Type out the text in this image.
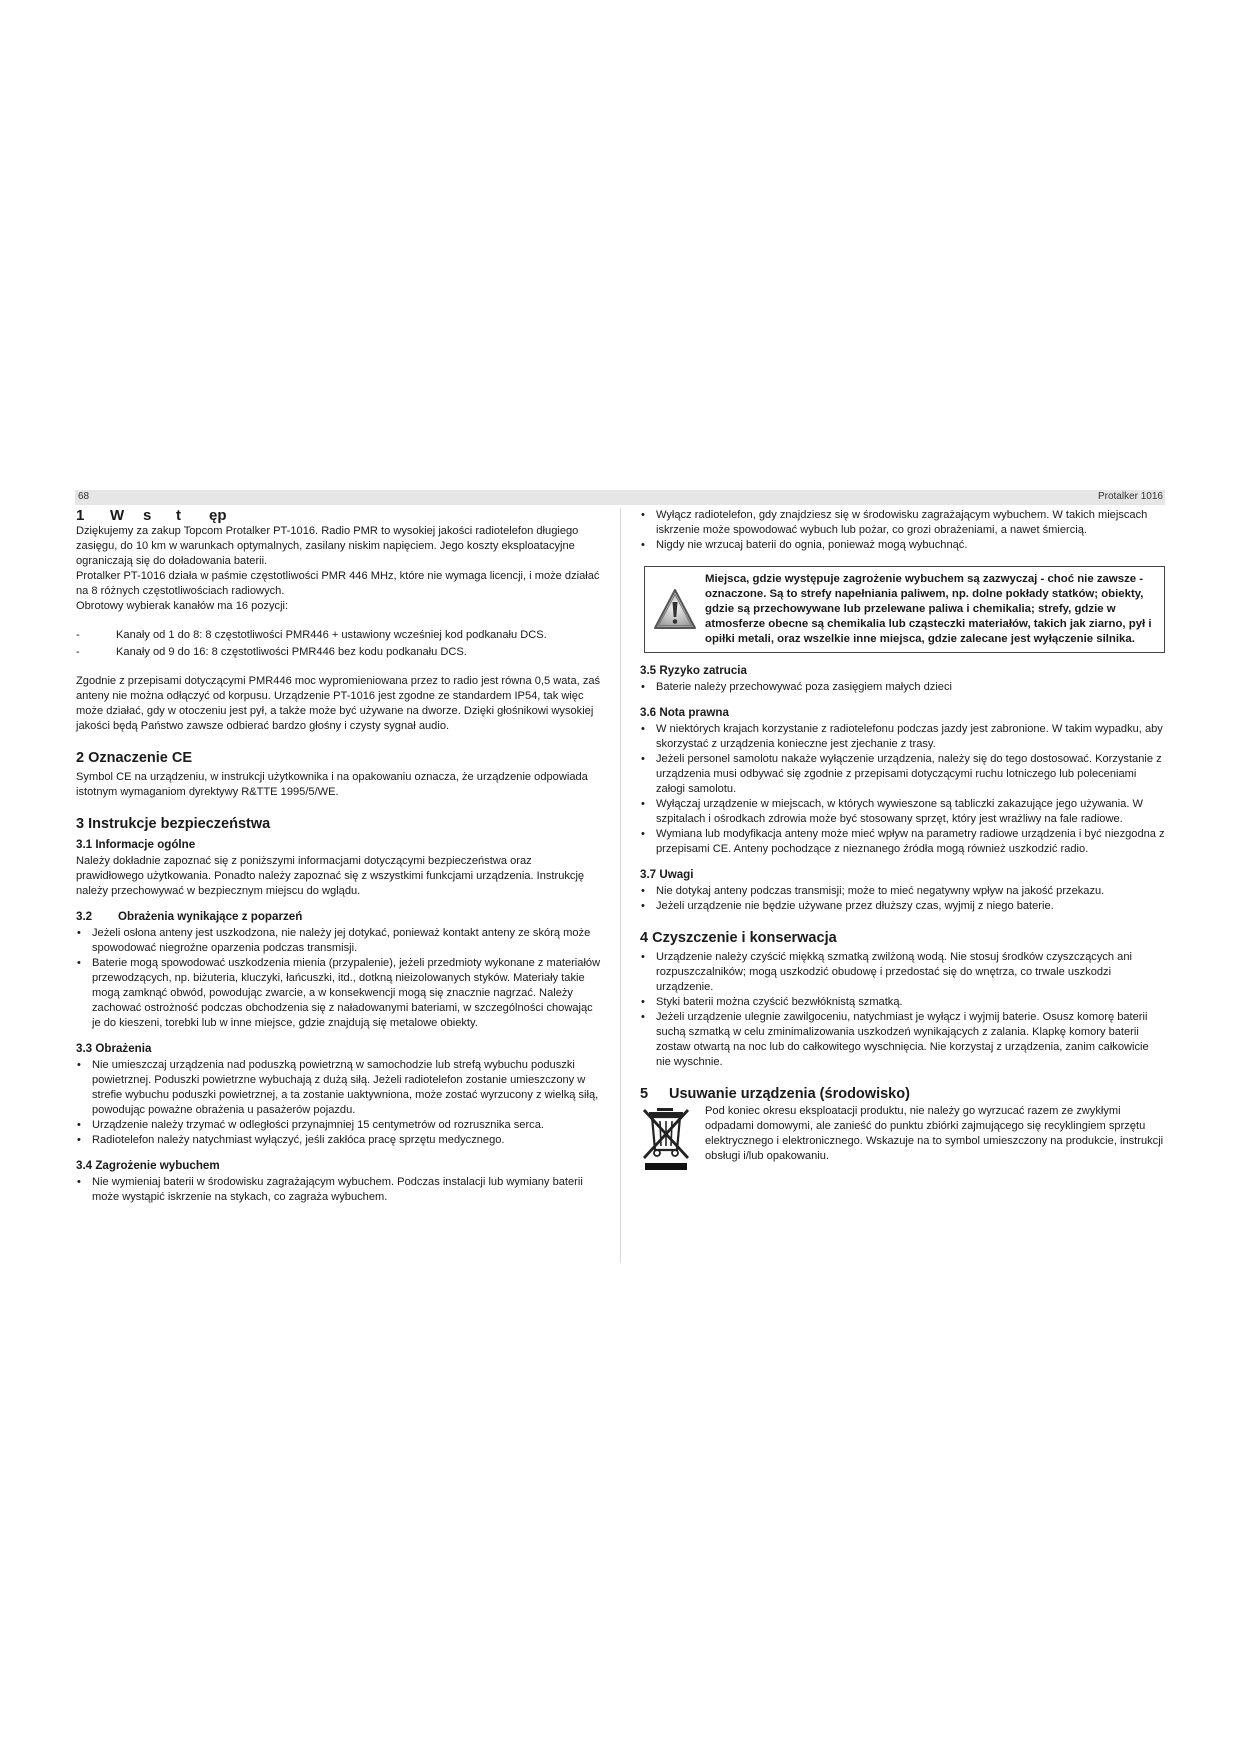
68	Protalker 1016
1	W	s	t	ęp

Dziękujemy za zakup Topcom Protalker PT-1016. Radio PMR to wysokiej jakości radiotelefon długiego zasięgu, do 10 km w warunkach optymalnych, zasilany niskim napięciem. Jego koszty eksploatacyjne ograniczają się do doładowania baterii.

Protalker PT-1016 działa w paśmie częstotliwości PMR 446 MHz, które nie wymaga licencji, i może działać na 8 różnych częstotliwościach radiowych.

Obrotowy wybierak kanałów ma 16 pozycji:

- Kanały od 1 do 8: 8 częstotliwości PMR446 + ustawiony wcześniej kod podkanału DCS.
- Kanały od 9 do 16: 8 częstotliwości PMR446 bez kodu podkanału DCS.

Zgodnie z przepisami dotyczącymi PMR446 moc wypromieniowana przez to radio jest równa 0,5 wata, zaś anteny nie można odłączyć od korpusu. Urządzenie PT-1016 jest zgodne ze standardem IP54, tak więc może działać, gdy w otoczeniu jest pył, a także może być używane na dworze. Dzięki głośnikowi wysokiej jakości będą Państwo zawsze odbierać bardzo głośny i czysty sygnał audio.

2 Oznaczenie CE

Symbol CE na urządzeniu, w instrukcji użytkownika i na opakowaniu oznacza, że urządzenie odpowiada istotnym wymaganiom dyrektywy R&TTE 1995/5/WE.

3 Instrukcje bezpieczeństwa
3.1 Informacje ogólne

Należy dokładnie zapoznać się z poniższymi informacjami dotyczącymi bezpieczeństwa oraz prawidłowego użytkowania. Ponadto należy zapoznać się z wszystkimi funkcjami urządzenia. Instrukcję należy przechowywać w bezpiecznym miejscu do wglądu.

3.2 Obrażenia wynikające z poparzeń
• Jeżeli osłona anteny jest uszkodzona, nie należy jej dotykać, ponieważ kontakt anteny ze skórą może spowodować niegroźne oparzenia podczas transmisji.
• Baterie mogą spowodować uszkodzenia mienia (przypalenie), jeżeli przedmioty wykonane z materiałów przewodzących, np. biżuteria, kluczyki, łańcuszki, itd., dotkną nieizolowanych styków. Materiały takie mogą zamknąć obwód, powodując zwarcie, a w konsekwencji mogą się znacznie nagrzać. Należy zachować ostrożność podczas obchodzenia się z naładowanymi bateriami, w szczególności chowając je do kieszeni, torebki lub w inne miejsce, gdzie znajdują się metalowe obiekty.
3.3 Obrażenia
• Nie umieszczaj urządzenia nad poduszką powietrzną w samochodzie lub strefą wybuchu poduszki powietrznej. Poduszki powietrzne wybuchają z dużą siłą. Jeżeli radiotelefon zostanie umieszczony w strefie wybuchu poduszki powietrznej, a ta zostanie uaktywniona, może zostać wyrzucony z wielką siłą, powodując poważne obrażenia u pasażerów pojazdu.
• Urządzenie należy trzymać w odległości przynajmniej 15 centymetrów od rozrusznika serca.
• Radiotelefon należy natychmiast wyłączyć, jeśli zakłóca pracę sprzętu medycznego.
3.4 Zagrożenie wybuchem
• Nie wymieniaj baterii w środowisku zagrażającym wybuchem. Podczas instalacji lub wymiany baterii może wystąpić iskrzenie na stykach, co zagraża wybuchem.
• Wyłącz radiotelefon, gdy znajdziesz się w środowisku zagrażającym wybuchem. W takich miejscach iskrzenie może spowodować wybuch lub pożar, co grozi obrażeniami, a nawet śmiercią.
• Nigdy nie wrzucaj baterii do ognia, ponieważ mogą wybuchnąć.
Miejsca, gdzie występuje zagrożenie wybuchem są zazwyczaj - choć nie zawsze - oznaczone. Są to strefy napełniania paliwem, np. dolne pokłady statków; obiekty, gdzie są przechowywane lub przelewane paliwa i chemikalia; strefy, gdzie w atmosferze obecne są chemikalia lub cząsteczki materiałów, takich jak ziarno, pył i opiłki metali, oraz wszelkie inne miejsca, gdzie zalecane jest wyłączenie silnika.
3.5 Ryzyko zatrucia
• Baterie należy przechowywać poza zasięgiem małych dzieci
3.6 Nota prawna
• W niektórych krajach korzystanie z radiotelefonu podczas jazdy jest zabronione. W takim wypadku, aby skorzystać z urządzenia konieczne jest zjechanie z trasy.
• Jeżeli personel samolotu nakaże wyłączenie urządzenia, należy się do tego dostosować. Korzystanie z urządzenia musi odbywać się zgodnie z przepisami dotyczącymi ruchu lotniczego lub poleceniami załogi samolotu.
• Wyłączaj urządzenie w miejscach, w których wywieszone są tabliczki zakazujące jego używania. W szpitalach i ośrodkach zdrowia może być stosowany sprzęt, który jest wrażliwy na fale radiowe.
• Wymiana lub modyfikacja anteny może mieć wpływ na parametry radiowe urządzenia i być niezgodna z przepisami CE. Anteny pochodzące z nieznanego źródła mogą również uszkodzić radio.
3.7 Uwagi
• Nie dotykaj anteny podczas transmisji; może to mieć negatywny wpływ na jakość przekazu.
• Jeżeli urządzenie nie będzie używane przez dłuższy czas, wyjmij z niego baterie.
4 Czyszczenie i konserwacja
• Urządzenie należy czyścić miękką szmatką zwilżoną wodą. Nie stosuj środków czyszczących ani rozpuszczalników; mogą uszkodzić obudowę i przedostać się do wnętrza, co trwale uszkodzi urządzenie.
• Styki baterii można czyścić bezwłóknistą szmatką.
• Jeżeli urządzenie ulegnie zawilgoceniu, natychmiast je wyłącz i wyjmij baterie. Osusz komorę baterii suchą szmatką w celu zminimalizowania uszkodzeń wynikających z zalania. Klapkę komory baterii zostaw otwartą na noc lub do całkowitego wyschnięcia. Nie korzystaj z urządzenia, zanim całkowicie nie wyschnie.
5	Usuwanie urządzenia (środowisko)

Pod koniec okresu eksploatacji produktu, nie należy go wyrzucać razem ze zwykłymi odpadami domowymi, ale zanieść do punktu zbiórki zajmującego się recyklingiem sprzętu elektrycznego i elektronicznego. Wskazuje na to symbol umieszczony na produkcie, instrukcji obsługi i/lub opakowaniu.
